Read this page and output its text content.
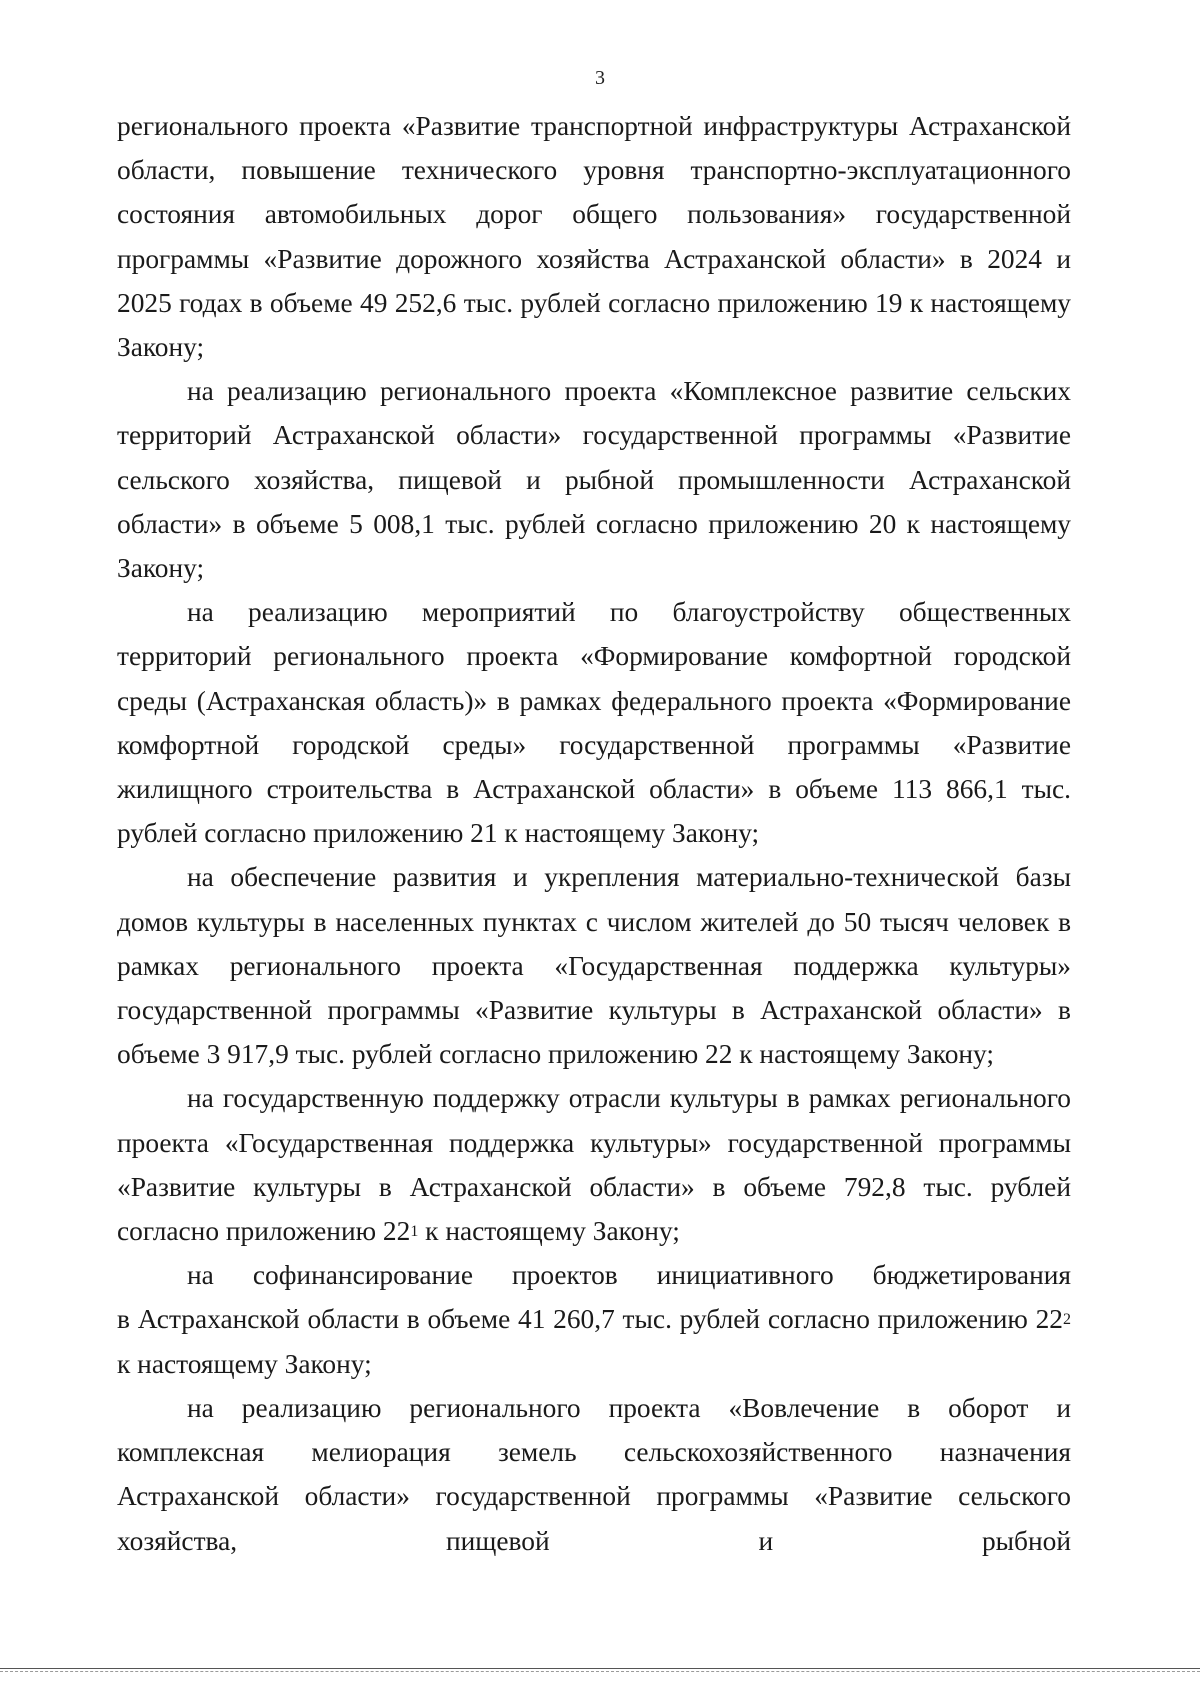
3

регионального проекта «Развитие транспортной инфраструктуры Астраханской области, повышение технического уровня транспортно-эксплуатационного состояния автомобильных дорог общего пользования» государственной программы «Развитие дорожного хозяйства Астраханской области» в 2024 и 2025 годах в объеме 49 252,6 тыс. рублей согласно приложению 19 к настоящему Закону;

на реализацию регионального проекта «Комплексное развитие сельских территорий Астраханской области» государственной программы «Развитие сельского хозяйства, пищевой и рыбной промышленности Астраханской области» в объеме 5 008,1 тыс. рублей согласно приложению 20 к настоящему Закону;

на реализацию мероприятий по благоустройству общественных территорий регионального проекта «Формирование комфортной городской среды (Астраханская область)» в рамках федерального проекта «Формирование комфортной городской среды» государственной программы «Развитие жилищного строительства в Астраханской области» в объеме 113 866,1 тыс. рублей согласно приложению 21 к настоящему Закону;

на обеспечение развития и укрепления материально-технической базы домов культуры в населенных пунктах с числом жителей до 50 тысяч человек в рамках регионального проекта «Государственная поддержка культуры» государственной программы «Развитие культуры в Астраханской области» в объеме 3 917,9 тыс. рублей согласно приложению 22 к настоящему Закону;

на государственную поддержку отрасли культуры в рамках регионального проекта «Государственная поддержка культуры» государственной программы «Развитие культуры в Астраханской области» в объеме 792,8 тыс. рублей согласно приложению $22^1$ к настоящему Закону;

на софинансирование проектов инициативного бюджетирования
в Астраханской области в объеме 41 260,7 тыс. рублей согласно приложению $22^2$ к настоящему Закону;

на реализацию регионального проекта «Вовлечение в оборот и комплексная мелиорация земель сельскохозяйственного назначения Астраханской области» государственной программы «Развитие сельского хозяйства, пищевой и рыбной
